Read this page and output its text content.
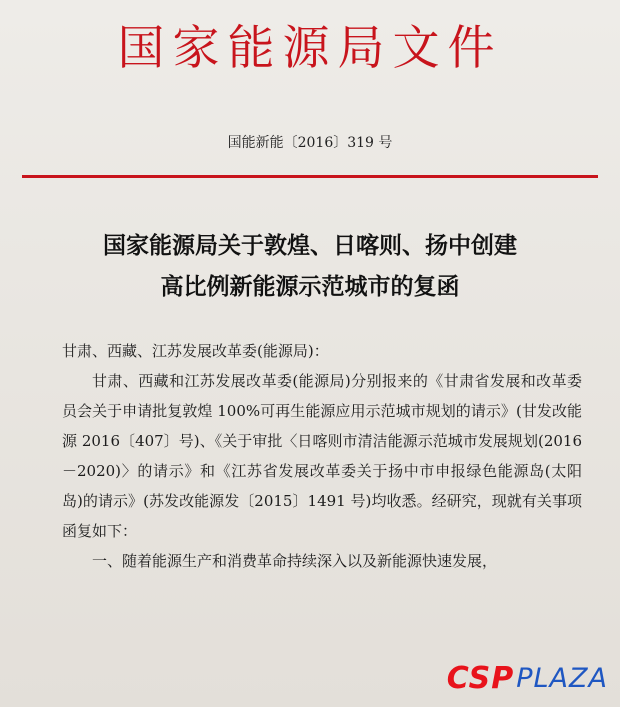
国家能源局文件
国能新能〔2016〕319 号
国家能源局关于敦煌、日喀则、扬中创建
高比例新能源示范城市的复函

甘肃、西藏、江苏发展改革委(能源局)：

甘肃、西藏和江苏发展改革委(能源局)分别报来的《甘肃省发展和改革委员会关于申请批复敦煌 100%可再生能源应用示范城市规划的请示》(甘发改能源 2016〔407〕号)、《关于审批〈日喀则市清洁能源示范城市发展规划(2016－2020)〉的请示》和《江苏省发展改革委关于扬中市申报绿色能源岛(太阳岛)的请示》(苏发改能源发〔2015〕1491 号)均收悉。经研究，现就有关事项函复如下：

一、随着能源生产和消费革命持续深入以及新能源快速发展，

CSP PLAZA
